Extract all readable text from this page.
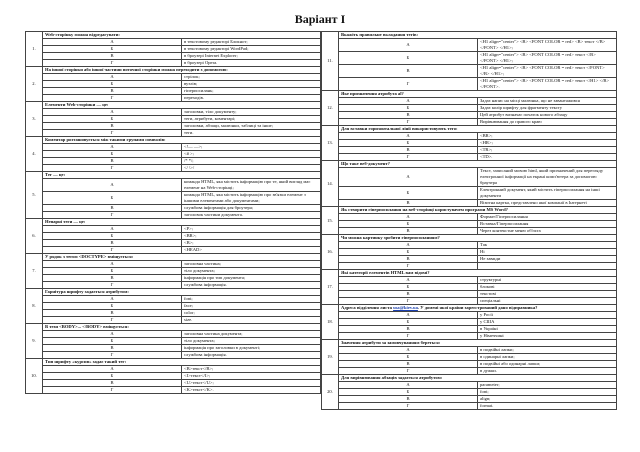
Варіант І
1.	Web-сторінку можна відредагувати:	
	А	в текстовому редакторі Блокнот;
	Б	в текстовому редакторі WordPad;
	В	в броузері Internet Explorer;
	Г	в броузері Opera.
2.	На іншої сторінки або іншої частини поточної сторінки можна переходити з допомогою:	
	А	стрілок;
	Б	вузлів;
	В	гіперпосилань;
	Г	переходів.
3.	Елементи Web-сторінки — це:	
	А	заголовки, тіло документу;
	Б	теги, атрибути, коментарі;
	В	заголовки, абзаци, малюнки, таблиці та інше;
	Г	теги.
4.	Коментар розташовується між такими групами символів:	
	А	<!— —>;
	Б	<# >;
	В	/* */;
	Г	</ \>/
5.	Тег — це:	
	А	команда HTML, яка містить інформацію про те, який вигляд має елемент на Web-сторінці;
	Б	команда HTML, яка містить інформацію про зв'язки елемент з іншими елементами або документами;
	В	службова інформація для броузера;
	Г	заголовок частини документа.
6.	Непарні теги — це:	
	А	<P>;
	Б	<BR>;
	В	<B>;
	Г	<HEAD>
7.	У рядок з тегом <DOCTYPE> вміщується:	
	А	заголовна частина;
	Б	тіло документа;
	В	інформація про тип документа;
	Г	службова інформація.
8.	Гарнітура шрифту задається атрибутом:	
	А	font;
	Б	face;
	В	color;
	Г	size.
9.	В тези <BODY>... </BODY> вміщується:	
	А	заголовна частина документа;
	Б	тіло документа;
	В	інформація про заголовки в документі;
	Г	службова інформація.
10.	Тип шрифту «курсив» задає такий тег:	
	А	<B>текст</B>;
	Б	<I>текст</I>;
	В	<U>текст</U>;
	Г	<K>текст</K>.
11.	Вкажіть правильне вкладання тегів:	
	А	<H1 align="center"> <B> <FONT COLOR = red> <B> текст </B> </FONT> </H1>;
	Б	<H1 align="center"> <B> <FONT COLOR = red> текст </B> </FONT> </H1>;
	В	<H1 align="center"> <B> <FONT COLOR = red> текст </FONT> </B> </H1>;
	Г	<H1 align="center"> <B> <FONT COLOR = red> текст </H1> </B> </FONT>.
12.	Яке призначення атрибута al?	
	А	Задає напис на місці малюнка, що не завантажився
	Б	Задає колір шрифту для фрагменту тексту
	В	Цей атрибут визначає початок нового абзацу
	Г	Вирівнювання до правого краю
13.	Для вставки горизонтальної лінії використовують тего:	
	А	<BR>;
	Б	<HR>;
	В	<TR>;
	Г	<TD>.
14.	Що таке веб-документ?	
	А	Текст, записаний мовою html, який призначений для перегляду електронної інформації на екрані комп'ютера за допомогою браузера
	Б	Електронний документ, який містить гіперпосилання на інші документи
	В	Візитна картка, представлено якої компанії в Інтернеті
15.	Як створити гіперпосилання на веб-сторінці користувачем програми MS Word?	
	А	Формат/Гіперпосилання
	Б	Вставка/Гіперпосилання
	В	Через контекстне меню об'єкта
16.	Чи можна картинку зробити гіперпосиланням?	
	А	Так
	Б	Ні
	В	Не завжди
	Г	
17.	Які категорії елементів HTML вам відомі?	
	А	структурні
	Б	блокові
	В	текстові
	Г	спеціальні
18.	Адреса відділення листа usa@kiev.ua. У домені якої країни зареєстрований дано відправника?	
	А	у Росії
	Б	у США
	В	в Україні
	Г	у Німеччині
19.	Значення атрибути за замовчуванням береться:	
	А	в подвійні лапки;
	Б	в одинарні лапки;
	В	в подвійні або одинарні лапки;
	Г	в дужки.
20.	Для вирівнювання абзаців задається атрибутом:	
	А	parameter;
	Б	font;
	В	align;
	Г	format.
